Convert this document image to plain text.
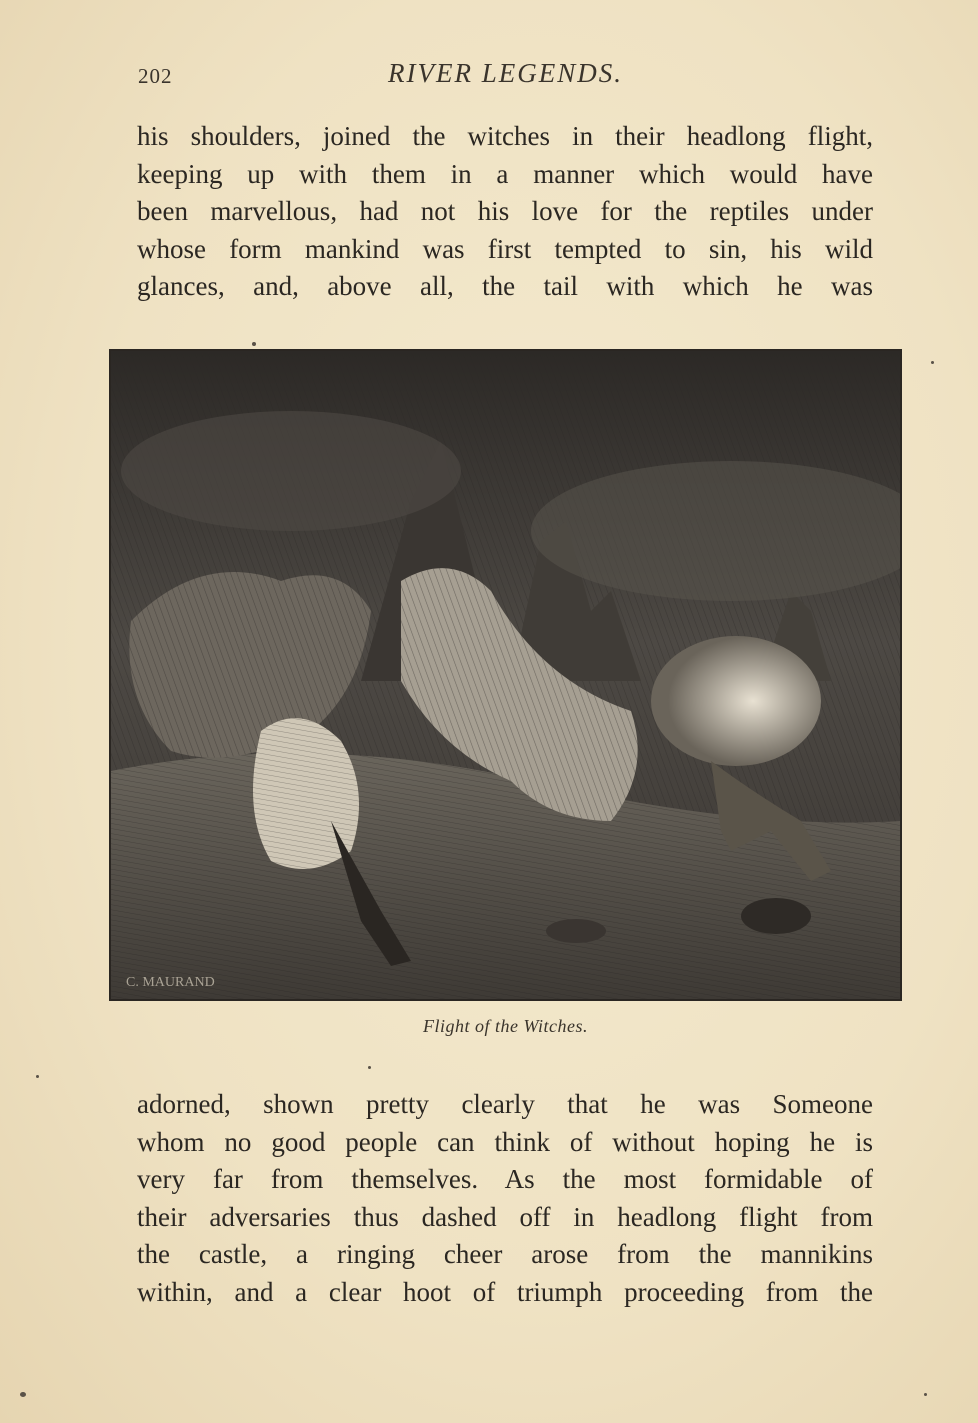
202	RIVER LEGENDS.
his shoulders, joined the witches in their headlong flight,
keeping up with them in a manner which would have
been marvellous, had not his love for the reptiles under
whose form mankind was first tempted to sin, his wild
glances, and, above all, the tail with which he was
C. MAURAND
Flight of the Witches.
adorned, shown pretty clearly that he was Someone
whom no good people can think of without hoping he is
very far from themselves. As the most formidable of
their adversaries thus dashed off in headlong flight from
the castle, a ringing cheer arose from the mannikins
within, and a clear hoot of triumph proceeding from the
